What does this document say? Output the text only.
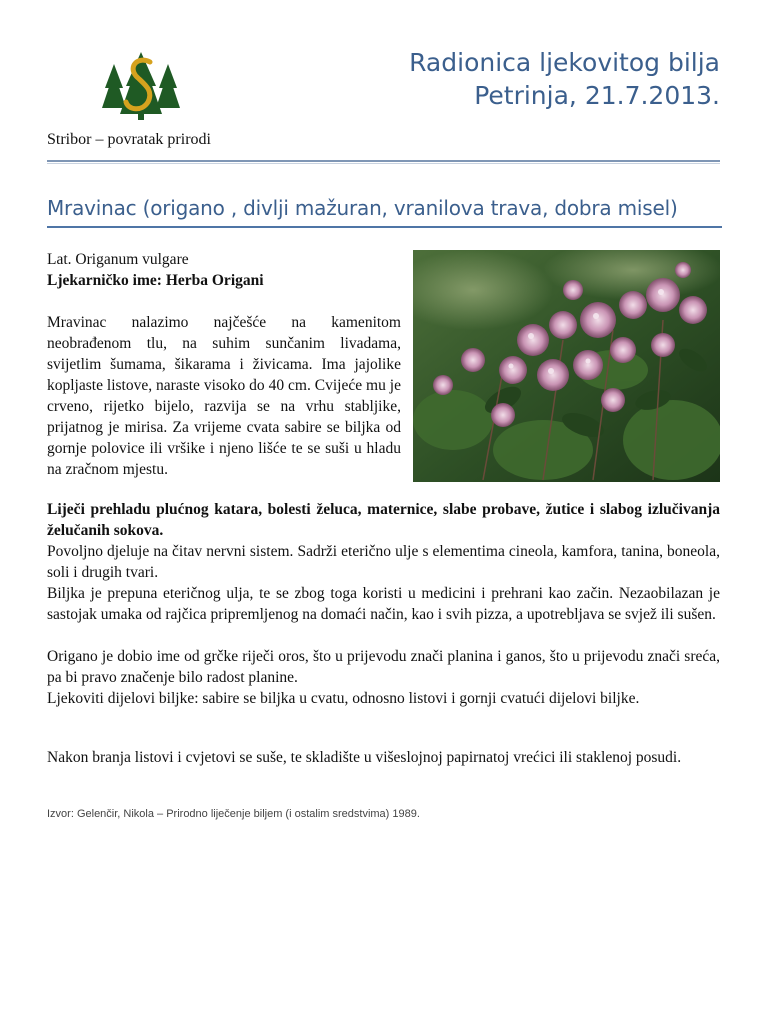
Stribor – povratak prirodi
Radionica ljekovitog bilja
Petrinja, 21.7.2013.
Mravinac (origano , divlji mažuran, vranilova trava, dobra misel)
Lat. Origanum vulgare
Ljekarničko ime: Herba Origani
Mravinac nalazimo najčešće na kamenitom neobrađenom tlu, na suhim sunčanim livadama, svijetlim šumama, šikarama i živicama. Ima jajolike kopljaste listove, naraste visoko do 40 cm. Cvijeće mu je crveno, rijetko bijelo, razvija se na vrhu stabljike, prijatnog je mirisa. Za vrijeme cvata sabire se biljka od gornje polovice ili vršike i njeno lišće te se suši u hladu na zračnom mjestu.
Liječi prehladu plućnog katara, bolesti želuca, maternice, slabe probave, žutice i slabog izlučivanja želučanih sokova.
Povoljno djeluje na čitav nervni sistem. Sadrži eterično ulje s elementima cineola, kamfora, tanina, boneola, soli i drugih tvari.
Biljka je prepuna eteričnog ulja, te se zbog toga koristi u medicini i prehrani kao začin. Nezaobilazan je sastojak umaka od rajčica pripremljenog na domaći način, kao i svih pizza, a upotrebljava se svjež ili sušen.
Origano je dobio ime od grčke riječi oros, što u prijevodu znači planina i ganos, što u prijevodu znači sreća, pa bi pravo značenje bilo radost planine.
Ljekoviti dijelovi biljke: sabire se biljka u cvatu, odnosno listovi i gornji cvatući dijelovi biljke.
Nakon branja listovi i cvjetovi se suše, te skladište u višeslojnoj papirnatoj vrećici ili staklenoj posudi.
Izvor: Gelenčir, Nikola – Prirodno liječenje biljem (i ostalim sredstvima) 1989.
